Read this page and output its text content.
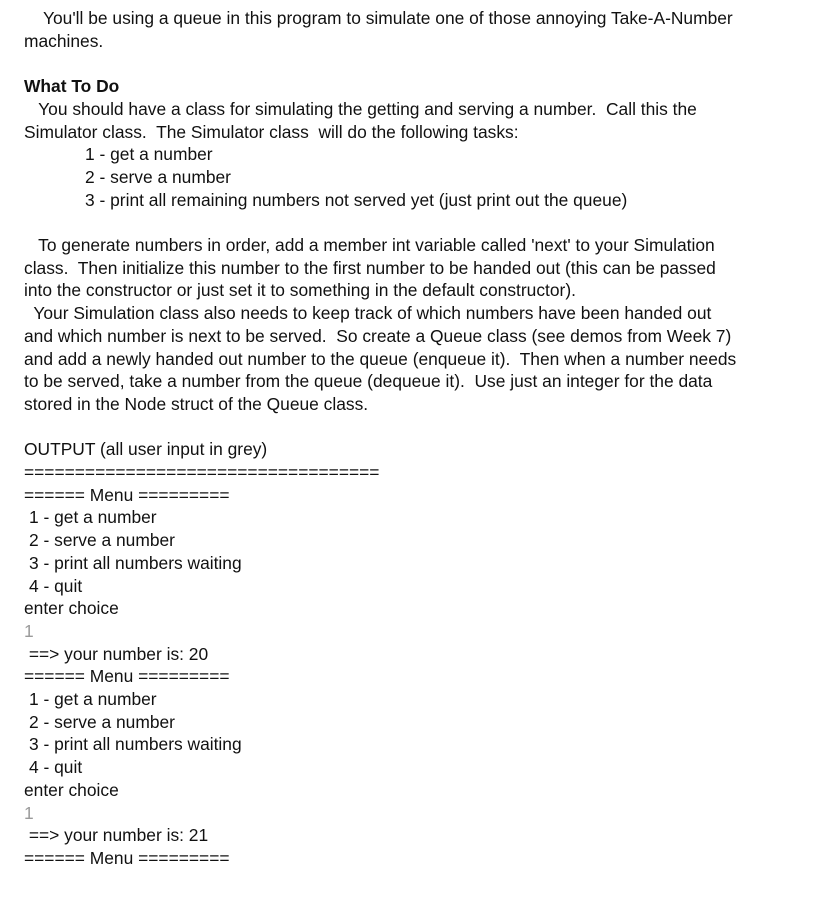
You'll be using a queue in this program to simulate one of those annoying Take-A-Number
machines.
What To Do
You should have a class for simulating the getting and serving a number.  Call this the
Simulator class.  The Simulator class  will do the following tasks:
1 - get a number
2 - serve a number
3 - print all remaining numbers not served yet (just print out the queue)
To generate numbers in order, add a member int variable called 'next' to your Simulation
class.  Then initialize this number to the first number to be handed out (this can be passed
into the constructor or just set it to something in the default constructor).
Your Simulation class also needs to keep track of which numbers have been handed out
and which number is next to be served.  So create a Queue class (see demos from Week 7)
and add a newly handed out number to the queue (enqueue it).  Then when a number needs
to be served, take a number from the queue (dequeue it).  Use just an integer for the data
stored in the Node struct of the Queue class.
OUTPUT (all user input in grey)
===================================
====== Menu =========
1 - get a number
2 - serve a number
3 - print all numbers waiting
4 - quit
enter choice
1
==> your number is: 20
====== Menu =========
1 - get a number
2 - serve a number
3 - print all numbers waiting
4 - quit
enter choice
1
==> your number is: 21
====== Menu =========
